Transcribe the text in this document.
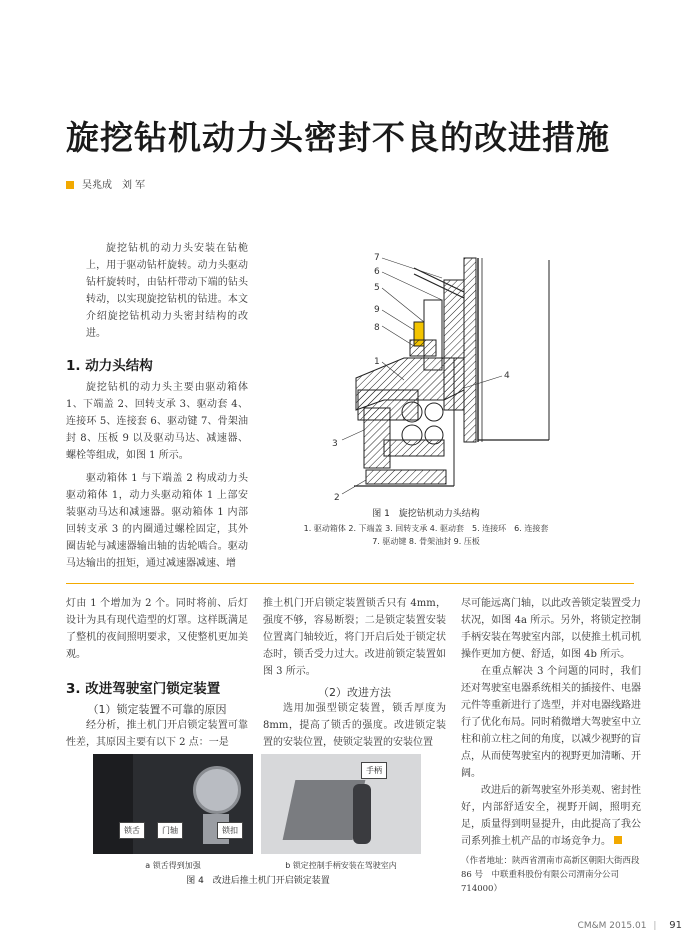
旋挖钻机动力头密封不良的改进措施
吴兆成　刘 军

旋挖钻机的动力头安装在钻桅上，用于驱动钻杆旋转。动力头驱动钻杆旋转时，由钻杆带动下端的钻头转动，以实现旋挖钻机的钻进。本文介绍旋挖钻机动力头密封结构的改进。

1. 动力头结构

旋挖钻机的动力头主要由驱动箱体 1、下端盖 2、回转支承 3、驱动套 4、连接环 5、连接套 6、驱动键 7、骨架油封 8、压板 9 以及驱动马达、减速器、螺栓等组成，如图 1 所示。

驱动箱体 1 与下端盖 2 构成动力头驱动箱体 1，动力头驱动箱体 1 上部安装驱动马达和减速器。驱动箱体 1 内部回转支承 3 的内圈通过螺栓固定，其外圈齿轮与减速器输出轴的齿轮啮合。驱动马达输出的扭矩，通过减速器减速、增

7
6
5
9
8
1
4
3
2
图 1　旋挖钻机动力头结构
1. 驱动箱体 2. 下端盖 3. 回转支承 4. 驱动套　5. 连接环　6. 连接套
7. 驱动键 8. 骨架油封 9. 压板

灯由 1 个增加为 2 个。同时将前、后灯设计为具有现代造型的灯罩。这样既满足了整机的夜间照明要求，又使整机更加美观。

3. 改进驾驶室门锁定装置

（1）锁定装置不可靠的原因

经分析，推土机门开启锁定装置可靠性差，其原因主要有以下 2 点：一是

推土机门开启锁定装置锁舌只有 4mm，强度不够，容易断裂；二是锁定装置安装位置离门轴较近，将门开启后处于锁定状态时，锁舌受力过大。改进前锁定装置如图 3 所示。

（2）改进方法

选用加强型锁定装置，锁舌厚度为 8mm，提高了锁舌的强度。改进锁定装置的安装位置，使锁定装置的安装位置

尽可能远离门轴，以此改善锁定装置受力状况，如图 4a 所示。另外，将锁定控制手柄安装在驾驶室内部，以使推土机司机操作更加方便、舒适，如图 4b 所示。

在重点解决 3 个问题的同时，我们还对驾驶室电器系统相关的插接件、电器元件等重新进行了选型，并对电器线路进行了优化布局。同时稍微增大驾驶室中立柱和前立柱之间的角度，以减少视野的盲点，从而使驾驶室内的视野更加清晰、开阔。

改进后的新驾驶室外形美观、密封性好，内部舒适安全，视野开阔，照明充足，质量得到明显提升，由此提高了我公司系列推土机产品的市场竞争力。

（作者地址：陕西省渭南市高新区朝阳大街西段 86 号　中联重科股份有限公司渭南分公司　714000）

锁舌	门轴	锁扣
手柄
a 锁舌得到加强	b 锁定控制手柄安装在驾驶室内
图 4　改进后推土机门开启锁定装置
CM&M 2015.01 | 91
